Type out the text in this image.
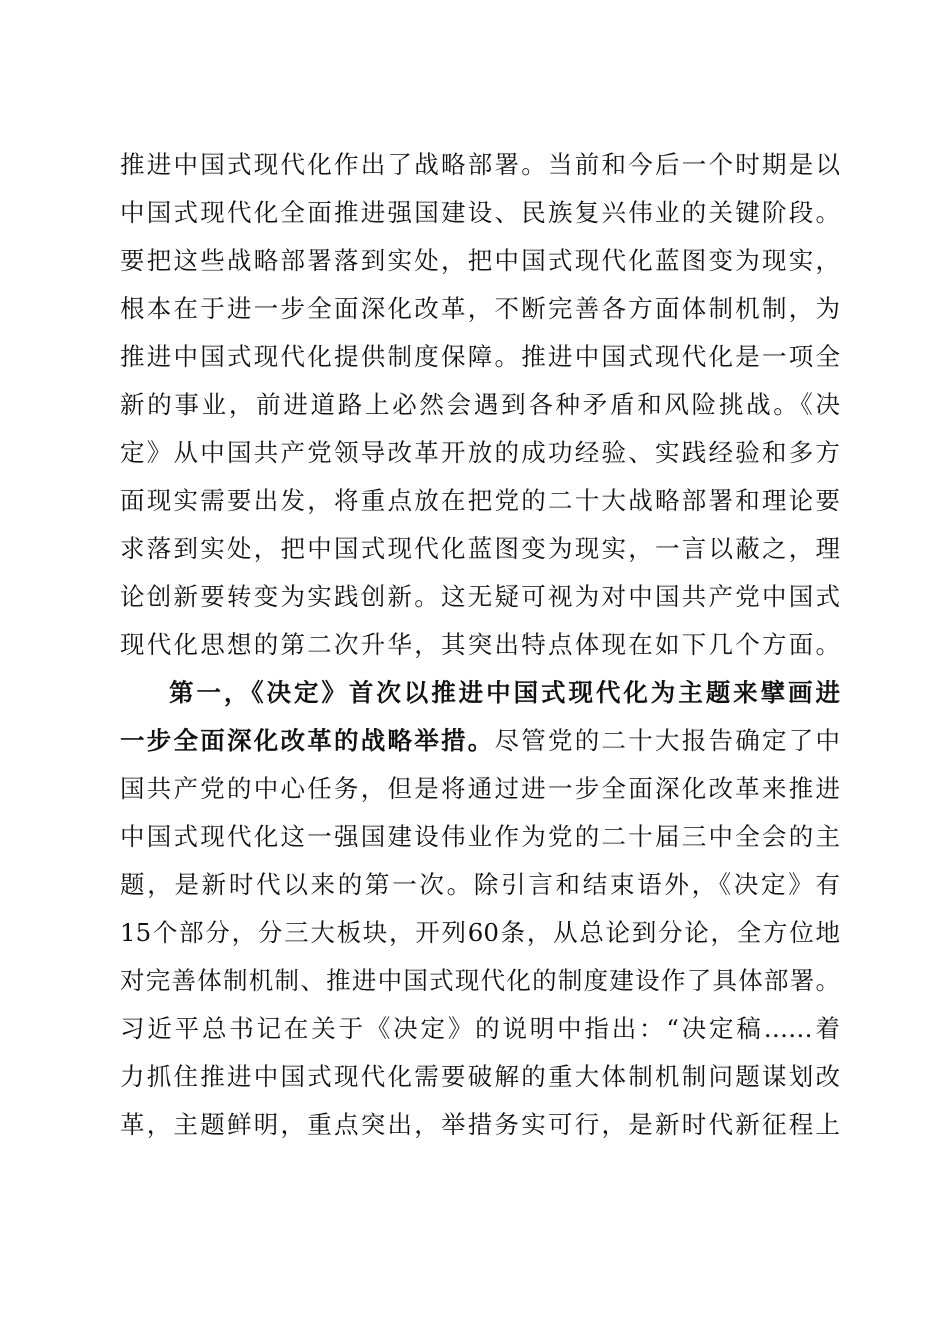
推进中国式现代化作出了战略部署。当前和今后一个时期是以
中国式现代化全面推进强国建设、民族复兴伟业的关键阶段。
要把这些战略部署落到实处，把中国式现代化蓝图变为现实，
根本在于进一步全面深化改革，不断完善各方面体制机制，为
推进中国式现代化提供制度保障。推进中国式现代化是一项全
新的事业，前进道路上必然会遇到各种矛盾和风险挑战。《决
定》从中国共产党领导改革开放的成功经验、实践经验和多方
面现实需要出发，将重点放在把党的二十大战略部署和理论要
求落到实处，把中国式现代化蓝图变为现实，一言以蔽之，理
论创新要转变为实践创新。这无疑可视为对中国共产党中国式
现代化思想的第二次升华，其突出特点体现在如下几个方面。
第一，《决定》首次以推进中国式现代化为主题来擘画进
一步全面深化改革的战略举措。尽管党的二十大报告确定了中
国共产党的中心任务，但是将通过进一步全面深化改革来推进
中国式现代化这一强国建设伟业作为党的二十届三中全会的主
题，是新时代以来的第一次。除引言和结束语外，《决定》有
15个部分，分三大板块，开列60条，从总论到分论，全方位地
对完善体制机制、推进中国式现代化的制度建设作了具体部署。
习近平总书记在关于《决定》的说明中指出：“决定稿……着
力抓住推进中国式现代化需要破解的重大体制机制问题谋划改
革，主题鲜明，重点突出，举措务实可行，是新时代新征程上
